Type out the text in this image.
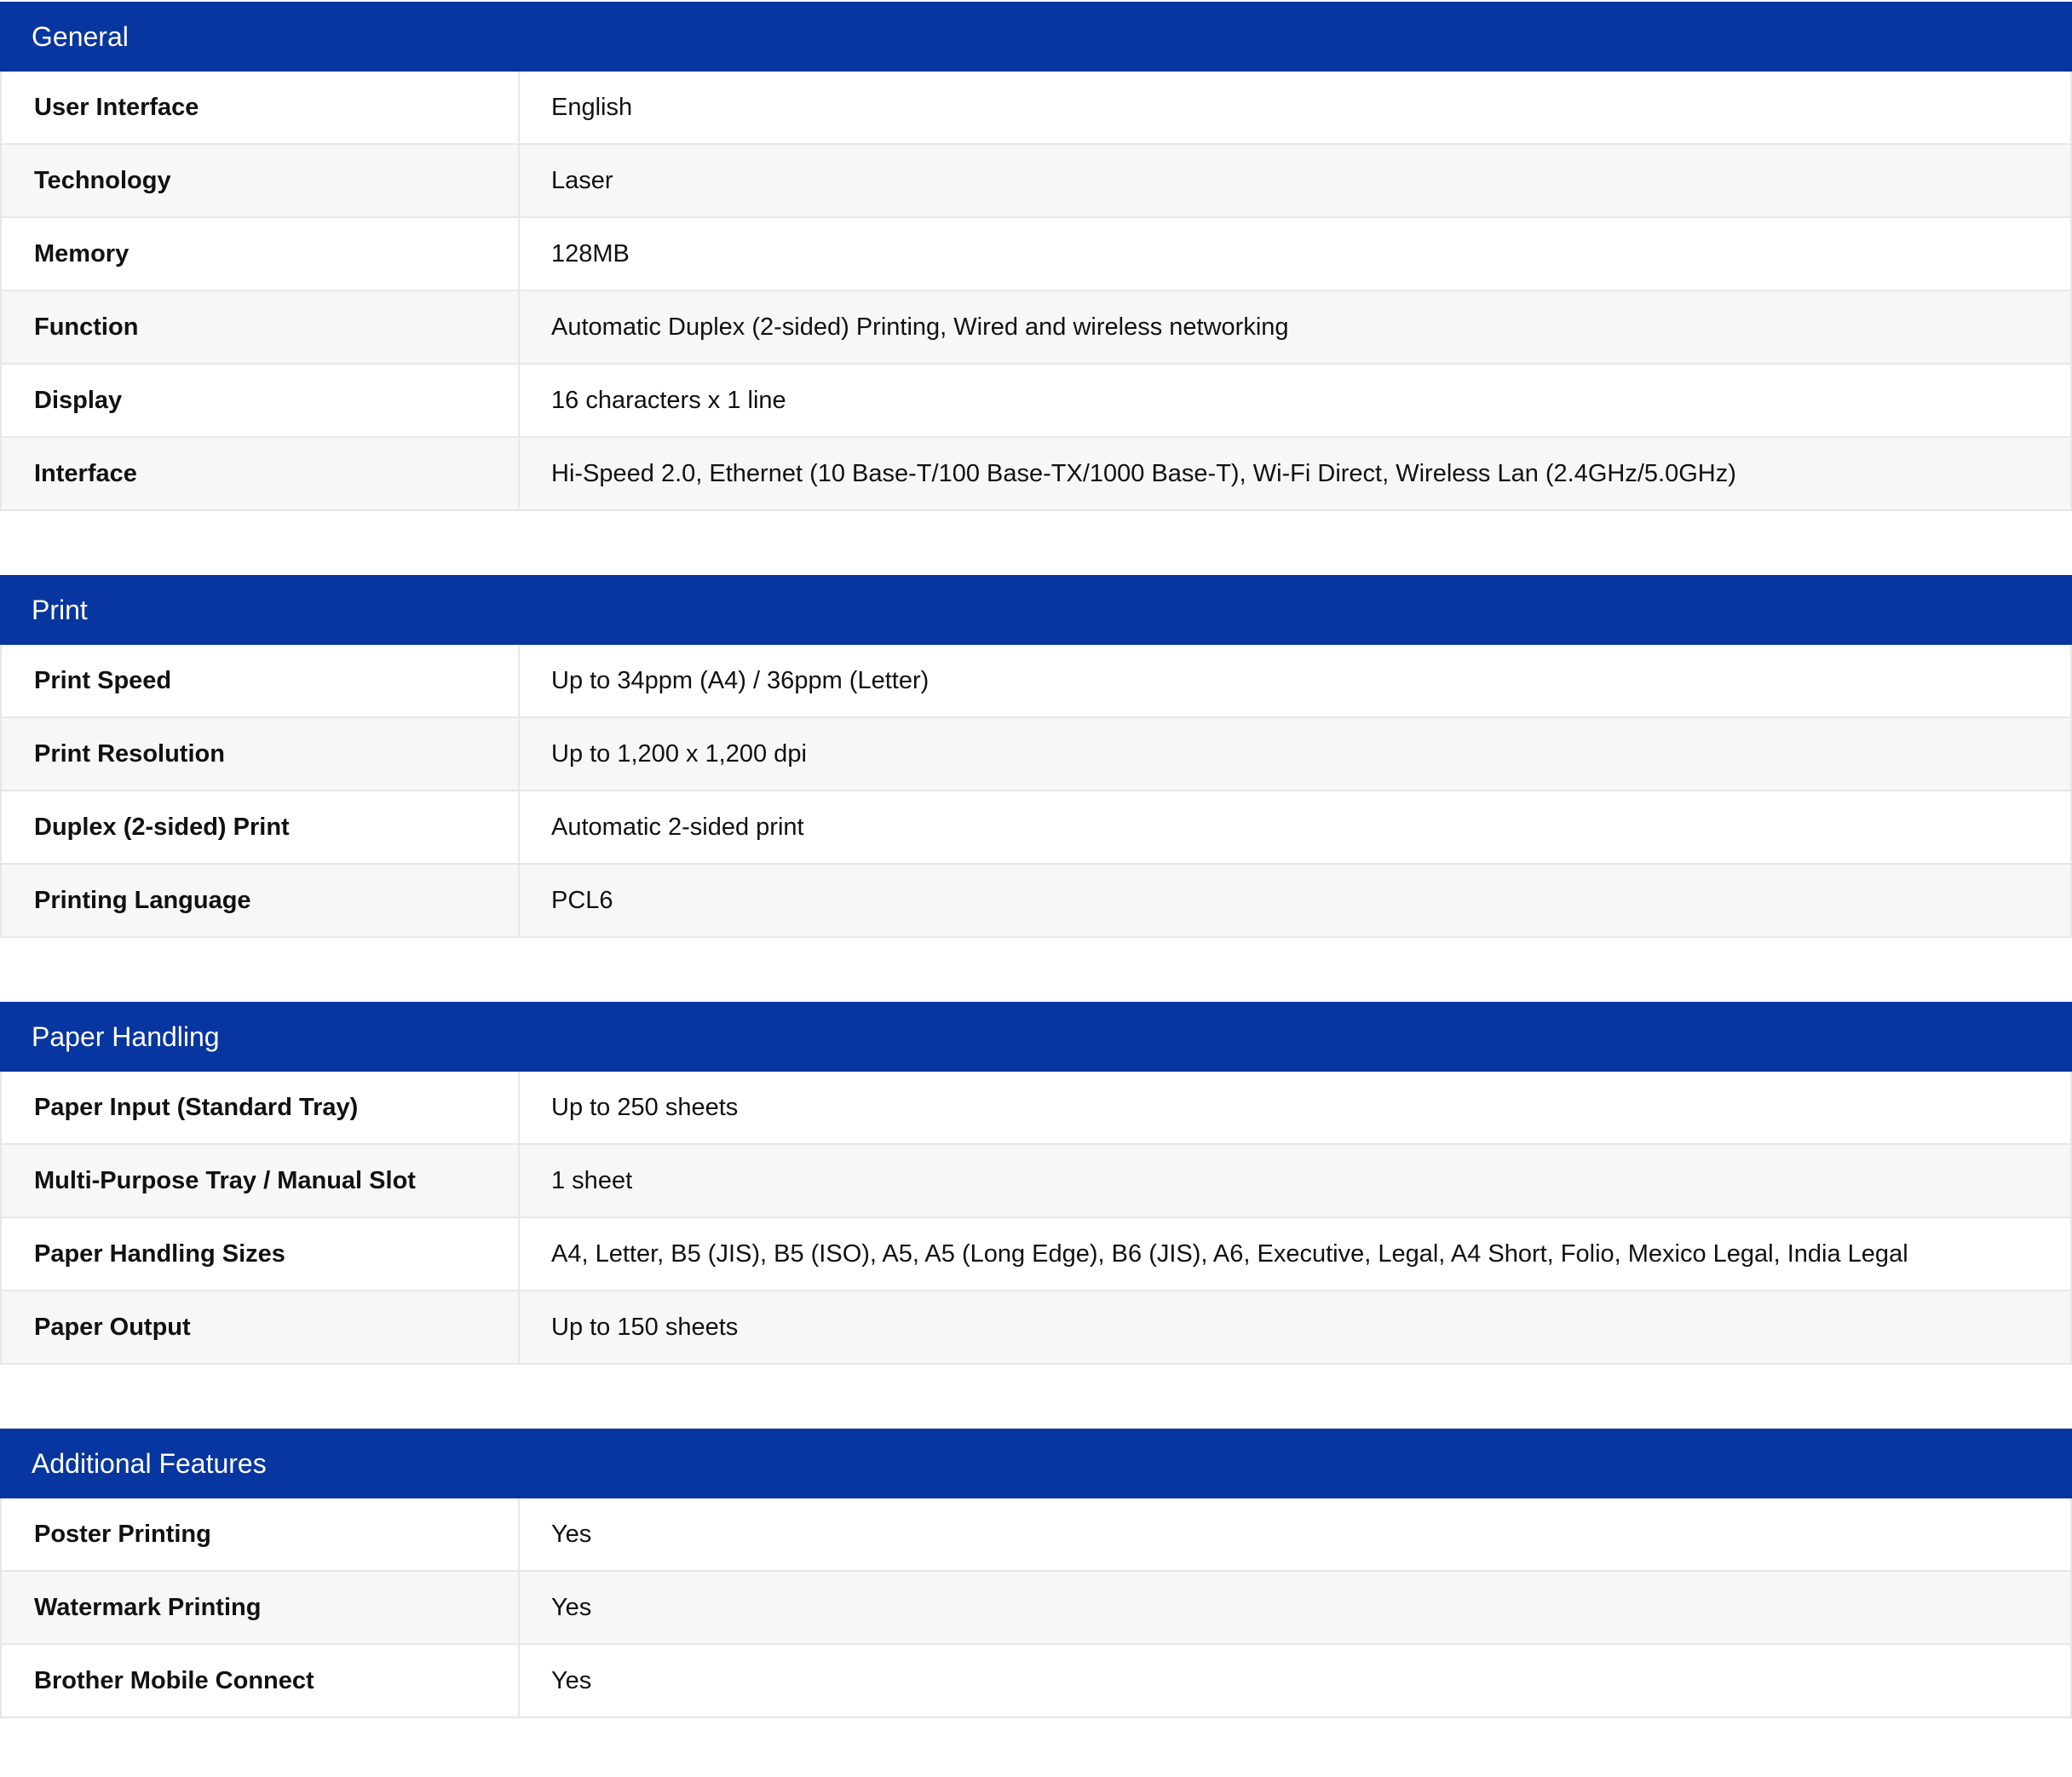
General
User Interface	English
Technology	Laser
Memory	128MB
Function	Automatic Duplex (2-sided) Printing, Wired and wireless networking
Display	16 characters x 1 line
Interface	Hi-Speed 2.0, Ethernet (10 Base-T/100 Base-TX/1000 Base-T), Wi-Fi Direct, Wireless Lan (2.4GHz/5.0GHz)
Print
Print Speed	Up to 34ppm (A4) / 36ppm (Letter)
Print Resolution	Up to 1,200 x 1,200 dpi
Duplex (2-sided) Print	Automatic 2-sided print
Printing Language	PCL6
Paper Handling
Paper Input (Standard Tray)	Up to 250 sheets
Multi-Purpose Tray / Manual Slot	1 sheet
Paper Handling Sizes	A4, Letter, B5 (JIS), B5 (ISO), A5, A5 (Long Edge), B6 (JIS), A6, Executive, Legal, A4 Short, Folio, Mexico Legal, India Legal
Paper Output	Up to 150 sheets
Additional Features
Poster Printing	Yes
Watermark Printing	Yes
Brother Mobile Connect	Yes
